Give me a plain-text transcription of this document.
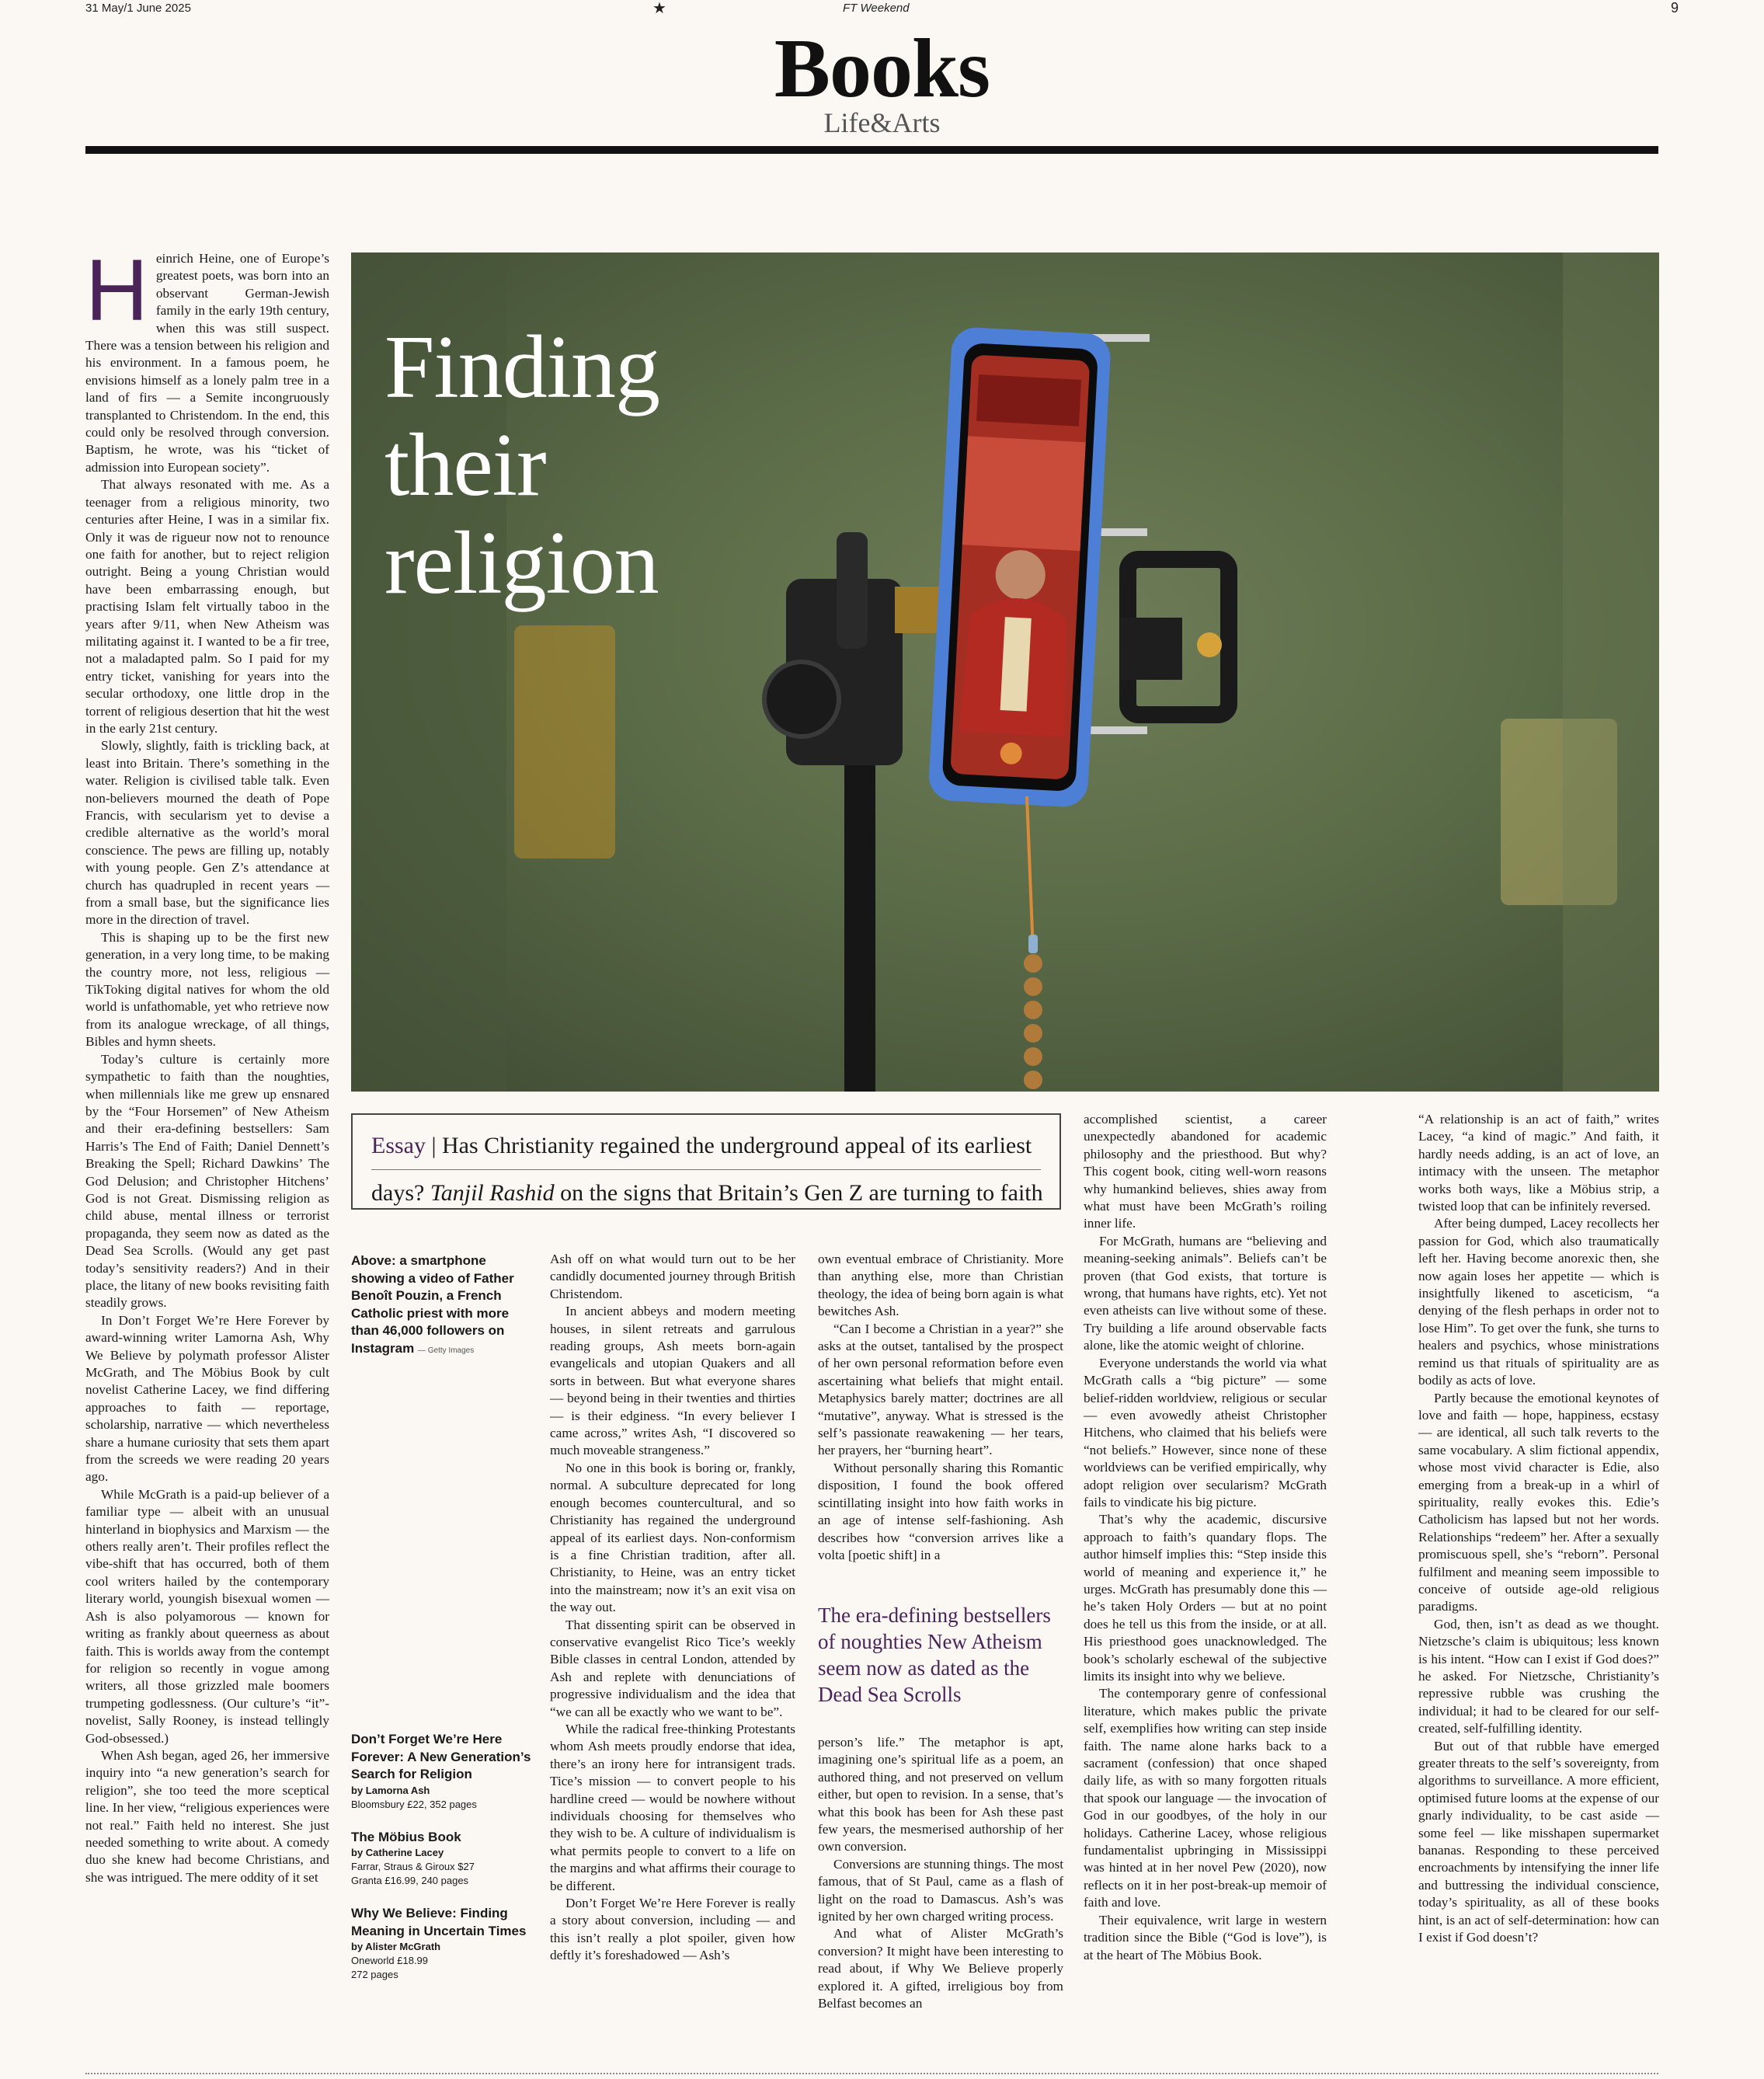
31 May/1 June 2025	★	FT Weekend	9
Books
Life&Arts

Heinrich Heine, one of Europe’s greatest poets, was born into an observant German-Jewish family in the early 19th century, when this was still suspect. There was a tension between his religion and his environment. In a famous poem, he envisions himself as a lonely palm tree in a land of firs — a Semite incongruously transplanted to Christendom. In the end, this could only be resolved through conversion. Baptism, he wrote, was his “ticket of admission into European society”.

That always resonated with me. As a teenager from a religious minority, two centuries after Heine, I was in a similar fix. Only it was de rigueur now not to renounce one faith for another, but to reject religion outright. Being a young Christian would have been embarrassing enough, but practising Islam felt virtually taboo in the years after 9/11, when New Atheism was militating against it. I wanted to be a fir tree, not a maladapted palm. So I paid for my entry ticket, vanishing for years into the secular orthodoxy, one little drop in the torrent of religious desertion that hit the west in the early 21st century.

Slowly, slightly, faith is trickling back, at least into Britain. There’s something in the water. Religion is civilised table talk. Even non-believers mourned the death of Pope Francis, with secularism yet to devise a credible alternative as the world’s moral conscience. The pews are filling up, notably with young people. Gen Z’s attendance at church has quadrupled in recent years — from a small base, but the significance lies more in the direction of travel.

This is shaping up to be the first new generation, in a very long time, to be making the country more, not less, religious — TikToking digital natives for whom the old world is unfathomable, yet who retrieve now from its analogue wreckage, of all things, Bibles and hymn sheets.

Today’s culture is certainly more sympathetic to faith than the noughties, when millennials like me grew up ensnared by the “Four Horsemen” of New Atheism and their era-defining bestsellers: Sam Harris’s The End of Faith; Daniel Dennett’s Breaking the Spell; Richard Dawkins’ The God Delusion; and Christopher Hitchens’ God is not Great. Dismissing religion as child abuse, mental illness or terrorist propaganda, they seem now as dated as the Dead Sea Scrolls. (Would any get past today’s sensitivity readers?) And in their place, the litany of new books revisiting faith steadily grows.

In Don’t Forget We’re Here Forever by award-winning writer Lamorna Ash, Why We Believe by polymath professor Alister McGrath, and The Möbius Book by cult novelist Catherine Lacey, we find differing approaches to faith — reportage, scholarship, narrative — which nevertheless share a humane curiosity that sets them apart from the screeds we were reading 20 years ago.

While McGrath is a paid-up believer of a familiar type — albeit with an unusual hinterland in biophysics and Marxism — the others really aren’t. Their profiles reflect the vibe-shift that has occurred, both of them cool writers hailed by the contemporary literary world, youngish bisexual women — Ash is also polyamorous — known for writing as frankly about queerness as about faith. This is worlds away from the contempt for religion so recently in vogue among writers, all those grizzled male boomers trumpeting godlessness. (Our culture’s “it”-novelist, Sally Rooney, is instead tellingly God-obsessed.)

When Ash began, aged 26, her immersive inquiry into “a new generation’s search for religion”, she too teed the more sceptical line. In her view, “religious experiences were not real.” Faith held no interest. She just needed something to write about. A comedy duo she knew had become Christians, and she was intrigued. The mere oddity of it set

Finding
their
religion
Essay | Has Christianity regained the underground appeal of its earliest
days? Tanjil Rashid on the signs that Britain’s Gen Z are turning to faith
Above: a smartphone showing a video of Father Benoît Pouzin, a French Catholic priest with more than 46,000 followers on Instagram — Getty Images
Don’t Forget We’re Here Forever: A New Generation’s Search for Religion
by Lamorna Ash
Bloomsbury £22, 352 pages
The Möbius Book
by Catherine Lacey
Farrar, Straus & Giroux $27
Granta £16.99, 240 pages
Why We Believe: Finding Meaning in Uncertain Times
by Alister McGrath
Oneworld £18.99
272 pages

Ash off on what would turn out to be her candidly documented journey through British Christendom.

In ancient abbeys and modern meeting houses, in silent retreats and garrulous reading groups, Ash meets born-again evangelicals and utopian Quakers and all sorts in between. But what everyone shares — beyond being in their twenties and thirties — is their edginess. “In every believer I came across,” writes Ash, “I discovered so much moveable strangeness.”

No one in this book is boring or, frankly, normal. A subculture deprecated for long enough becomes countercultural, and so Christianity has regained the underground appeal of its earliest days. Non-conformism is a fine Christian tradition, after all. Christianity, to Heine, was an entry ticket into the mainstream; now it’s an exit visa on the way out.

That dissenting spirit can be observed in conservative evangelist Rico Tice’s weekly Bible classes in central London, attended by Ash and replete with denunciations of progressive individualism and the idea that “we can all be exactly who we want to be”.

While the radical free-thinking Protestants whom Ash meets proudly endorse that idea, there’s an irony here for intransigent trads. Tice’s mission — to convert people to his hardline creed — would be nowhere without individuals choosing for themselves who they wish to be. A culture of individualism is what permits people to convert to a life on the margins and what affirms their courage to be different.

Don’t Forget We’re Here Forever is really a story about conversion, including — and this isn’t really a plot spoiler, given how deftly it’s foreshadowed — Ash’s

own eventual embrace of Christianity. More than anything else, more than Christian theology, the idea of being born again is what bewitches Ash.

“Can I become a Christian in a year?” she asks at the outset, tantalised by the prospect of her own personal reformation before even ascertaining what beliefs that might entail. Metaphysics barely matter; doctrines are all “mutative”, anyway. What is stressed is the self’s passionate reawakening — her tears, her prayers, her “burning heart”.

Without personally sharing this Romantic disposition, I found the book offered scintillating insight into how faith works in an age of intense self-fashioning. Ash describes how “conversion arrives like a volta [poetic shift] in a

The era-defining bestsellers of noughties New Atheism seem now as dated as the Dead Sea Scrolls

person’s life.” The metaphor is apt, imagining one’s spiritual life as a poem, an authored thing, and not preserved on vellum either, but open to revision. In a sense, that’s what this book has been for Ash these past few years, the mesmerised authorship of her own conversion.

Conversions are stunning things. The most famous, that of St Paul, came as a flash of light on the road to Damascus. Ash’s was ignited by her own charged writing process.

And what of Alister McGrath’s conversion? It might have been interesting to read about, if Why We Believe properly explored it. A gifted, irreligious boy from Belfast becomes an

accomplished scientist, a career unexpectedly abandoned for academic philosophy and the priesthood. But why? This cogent book, citing well-worn reasons why humankind believes, shies away from what must have been McGrath’s roiling inner life.

For McGrath, humans are “believing and meaning-seeking animals”. Beliefs can’t be proven (that God exists, that torture is wrong, that humans have rights, etc). Yet not even atheists can live without some of these. Try building a life around observable facts alone, like the atomic weight of chlorine.

Everyone understands the world via what McGrath calls a “big picture” — some belief-ridden worldview, religious or secular — even avowedly atheist Christopher Hitchens, who claimed that his beliefs were “not beliefs.” However, since none of these worldviews can be verified empirically, why adopt religion over secularism? McGrath fails to vindicate his big picture.

That’s why the academic, discursive approach to faith’s quandary flops. The author himself implies this: “Step inside this world of meaning and experience it,” he urges. McGrath has presumably done this — he’s taken Holy Orders — but at no point does he tell us this from the inside, or at all. His priesthood goes unacknowledged. The book’s scholarly eschewal of the subjective limits its insight into why we believe.

The contemporary genre of confessional literature, which makes public the private self, exemplifies how writing can step inside faith. The name alone harks back to a sacrament (confession) that once shaped daily life, as with so many forgotten rituals that spook our language — the invocation of God in our goodbyes, of the holy in our holidays. Catherine Lacey, whose religious fundamentalist upbringing in Mississippi was hinted at in her novel Pew (2020), now reflects on it in her post-break-up memoir of faith and love.

Their equivalence, writ large in western tradition since the Bible (“God is love”), is at the heart of The Möbius Book.

“A relationship is an act of faith,” writes Lacey, “a kind of magic.” And faith, it hardly needs adding, is an act of love, an intimacy with the unseen. The metaphor works both ways, like a Möbius strip, a twisted loop that can be infinitely reversed.

After being dumped, Lacey recollects her passion for God, which also traumatically left her. Having become anorexic then, she now again loses her appetite — which is insightfully likened to asceticism, “a denying of the flesh perhaps in order not to lose Him”. To get over the funk, she turns to healers and psychics, whose ministrations remind us that rituals of spirituality are as bodily as acts of love.

Partly because the emotional keynotes of love and faith — hope, happiness, ecstasy — are identical, all such talk reverts to the same vocabulary. A slim fictional appendix, whose most vivid character is Edie, also emerging from a break-up in a whirl of spirituality, really evokes this. Edie’s Catholicism has lapsed but not her words. Relationships “redeem” her. After a sexually promiscuous spell, she’s “reborn”. Personal fulfilment and meaning seem impossible to conceive of outside age-old religious paradigms.

God, then, isn’t as dead as we thought. Nietzsche’s claim is ubiquitous; less known is his intent. “How can I exist if God does?” he asked. For Nietzsche, Christianity’s repressive rubble was crushing the individual; it had to be cleared for our self-created, self-fulfilling identity.

But out of that rubble have emerged greater threats to the self’s sovereignty, from algorithms to surveillance. A more efficient, optimised future looms at the expense of our gnarly individuality, to be cast aside — some feel — like misshapen supermarket bananas. Responding to these perceived encroachments by intensifying the inner life and buttressing the individual conscience, today’s spirituality, as all of these books hint, is an act of self-determination: how can I exist if God doesn’t?
